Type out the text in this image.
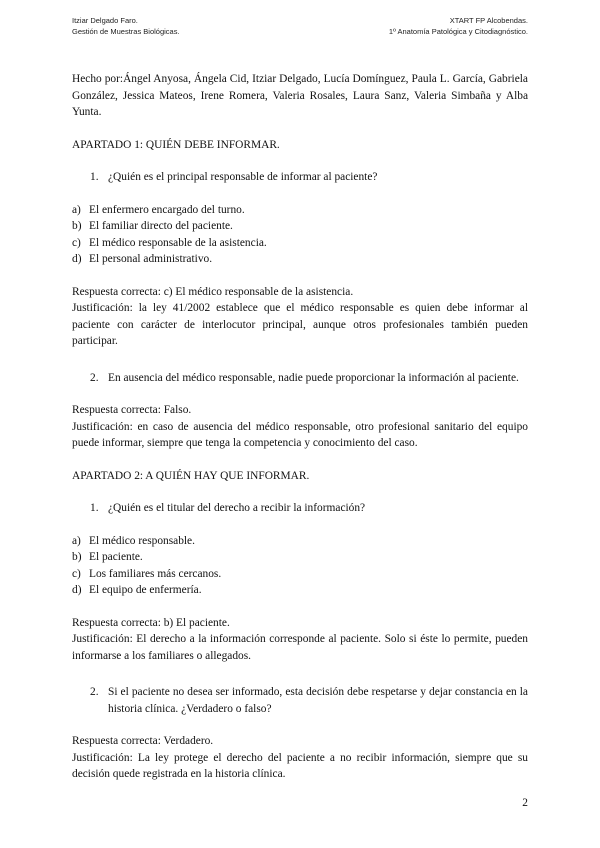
Itziar Delgado Faro.
Gestión de Muestras Biológicas.
XTART FP Alcobendas.
1º Anatomía Patológica y Citodiagnóstico.

Hecho por:Ángel Anyosa, Ángela Cid, Itziar Delgado, Lucía Domínguez, Paula L. García, Gabriela González, Jessica Mateos, Irene Romera, Valeria Rosales, Laura Sanz, Valeria Simbaña y Alba Yunta.

APARTADO 1: QUIÉN DEBE INFORMAR.

1. ¿Quién es el principal responsable de informar al paciente?
a) El enfermero encargado del turno.
b) El familiar directo del paciente.
c) El médico responsable de la asistencia.
d) El personal administrativo.

Respuesta correcta: c) El médico responsable de la asistencia.

Justificación: la ley 41/2002 establece que el médico responsable es quien debe informar al paciente con carácter de interlocutor principal, aunque otros profesionales también pueden participar.

2. En ausencia del médico responsable, nadie puede proporcionar la información al paciente.

Respuesta correcta: Falso.

Justificación: en caso de ausencia del médico responsable, otro profesional sanitario del equipo puede informar, siempre que tenga la competencia y conocimiento del caso.

APARTADO 2: A QUIÉN HAY QUE INFORMAR.

1. ¿Quién es el titular del derecho a recibir la información?
a) El médico responsable.
b) El paciente.
c) Los familiares más cercanos.
d) El equipo de enfermería.

Respuesta correcta: b) El paciente.

Justificación: El derecho a la información corresponde al paciente. Solo si éste lo permite, pueden informarse a los familiares o allegados.

2. Si el paciente no desea ser informado, esta decisión debe respetarse y dejar constancia en la historia clínica. ¿Verdadero o falso?

Respuesta correcta: Verdadero.

Justificación: La ley protege el derecho del paciente a no recibir información, siempre que su decisión quede registrada en la historia clínica.

2
